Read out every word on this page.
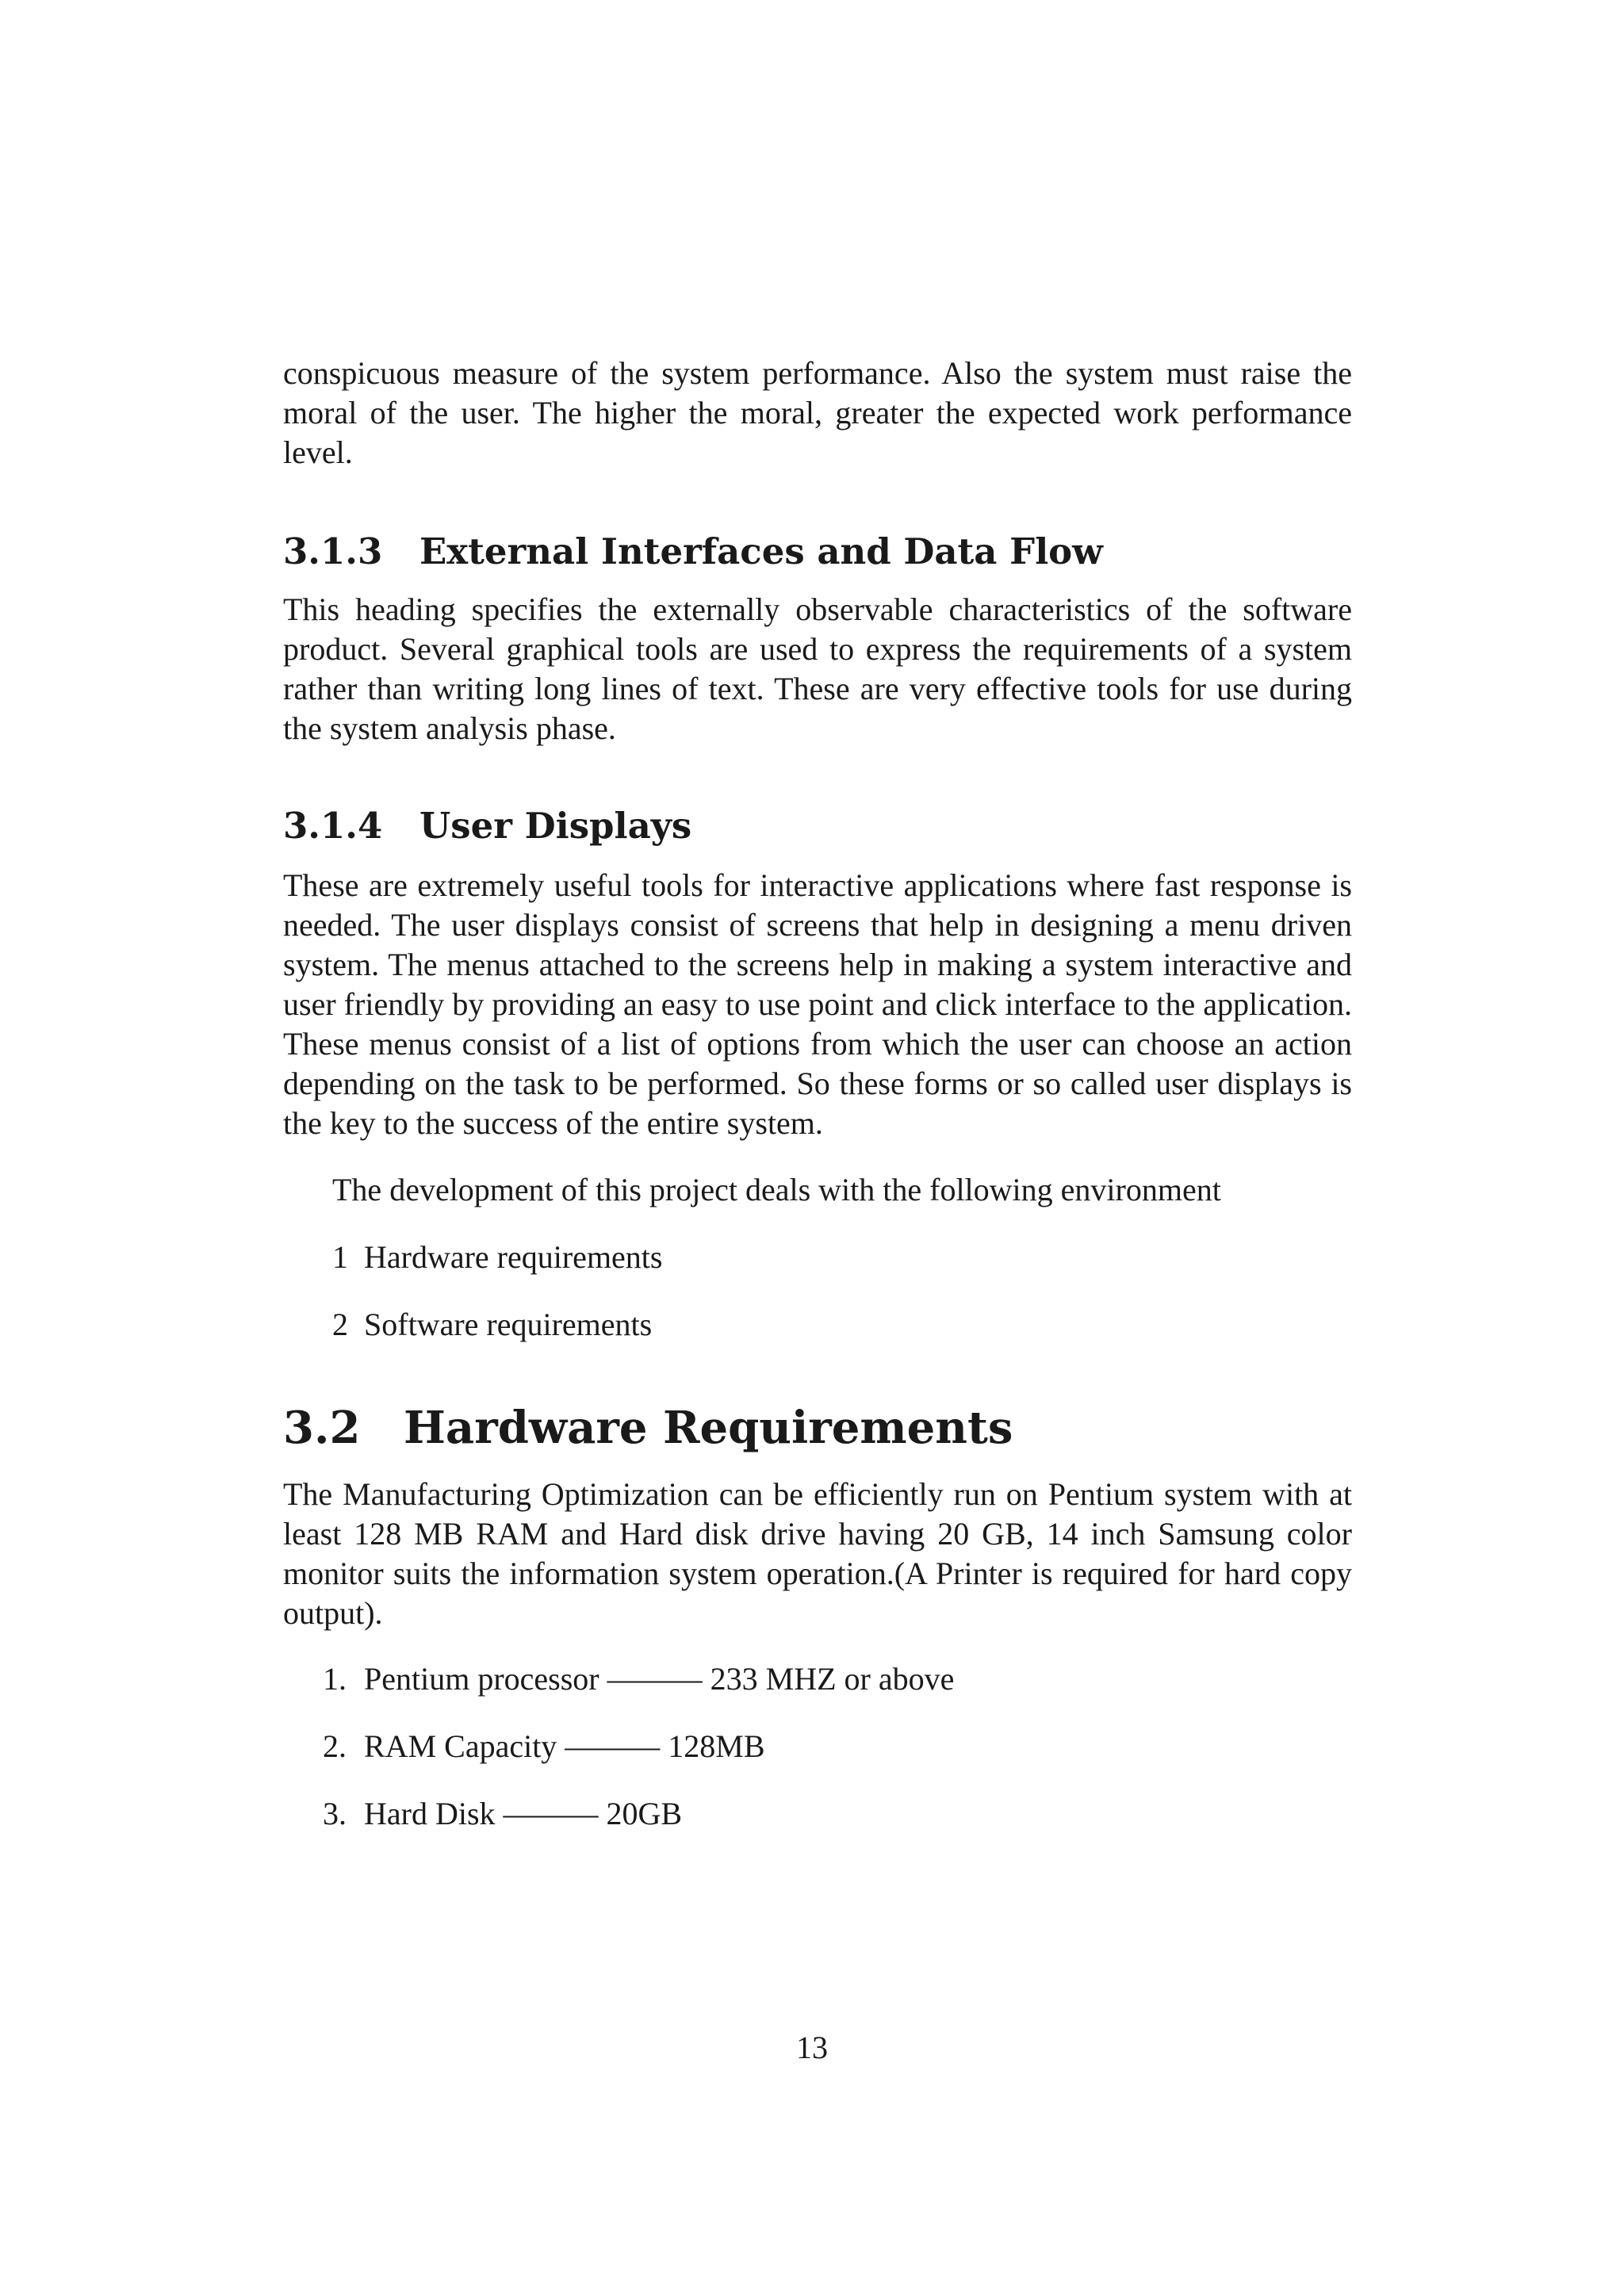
conspicuous measure of the system performance. Also the system must raise the moral of the user. The higher the moral, greater the expected work performance level.

3.1.3	External Interfaces and Data Flow

This heading specifies the externally observable characteristics of the software product. Several graphical tools are used to express the requirements of a system rather than writing long lines of text. These are very effective tools for use during the system analysis phase.

3.1.4	User Displays

These are extremely useful tools for interactive applications where fast response is needed. The user displays consist of screens that help in designing a menu driven system. The menus attached to the screens help in making a system interactive and user friendly by providing an easy to use point and click interface to the application. These menus consist of a list of options from which the user can choose an action depending on the task to be performed. So these forms or so called user displays is the key to the success of the entire system.

The development of this project deals with the following environment

1 Hardware requirements

2 Software requirements

3.2 Hardware Requirements

The Manufacturing Optimization can be efficiently run on Pentium system with at least 128 MB RAM and Hard disk drive having 20 GB, 14 inch Samsung color monitor suits the information system operation.(A Printer is required for hard copy output).

1. Pentium processor ——— 233 MHZ or above

2. RAM Capacity ——— 128MB

3. Hard Disk ——— 20GB

13
